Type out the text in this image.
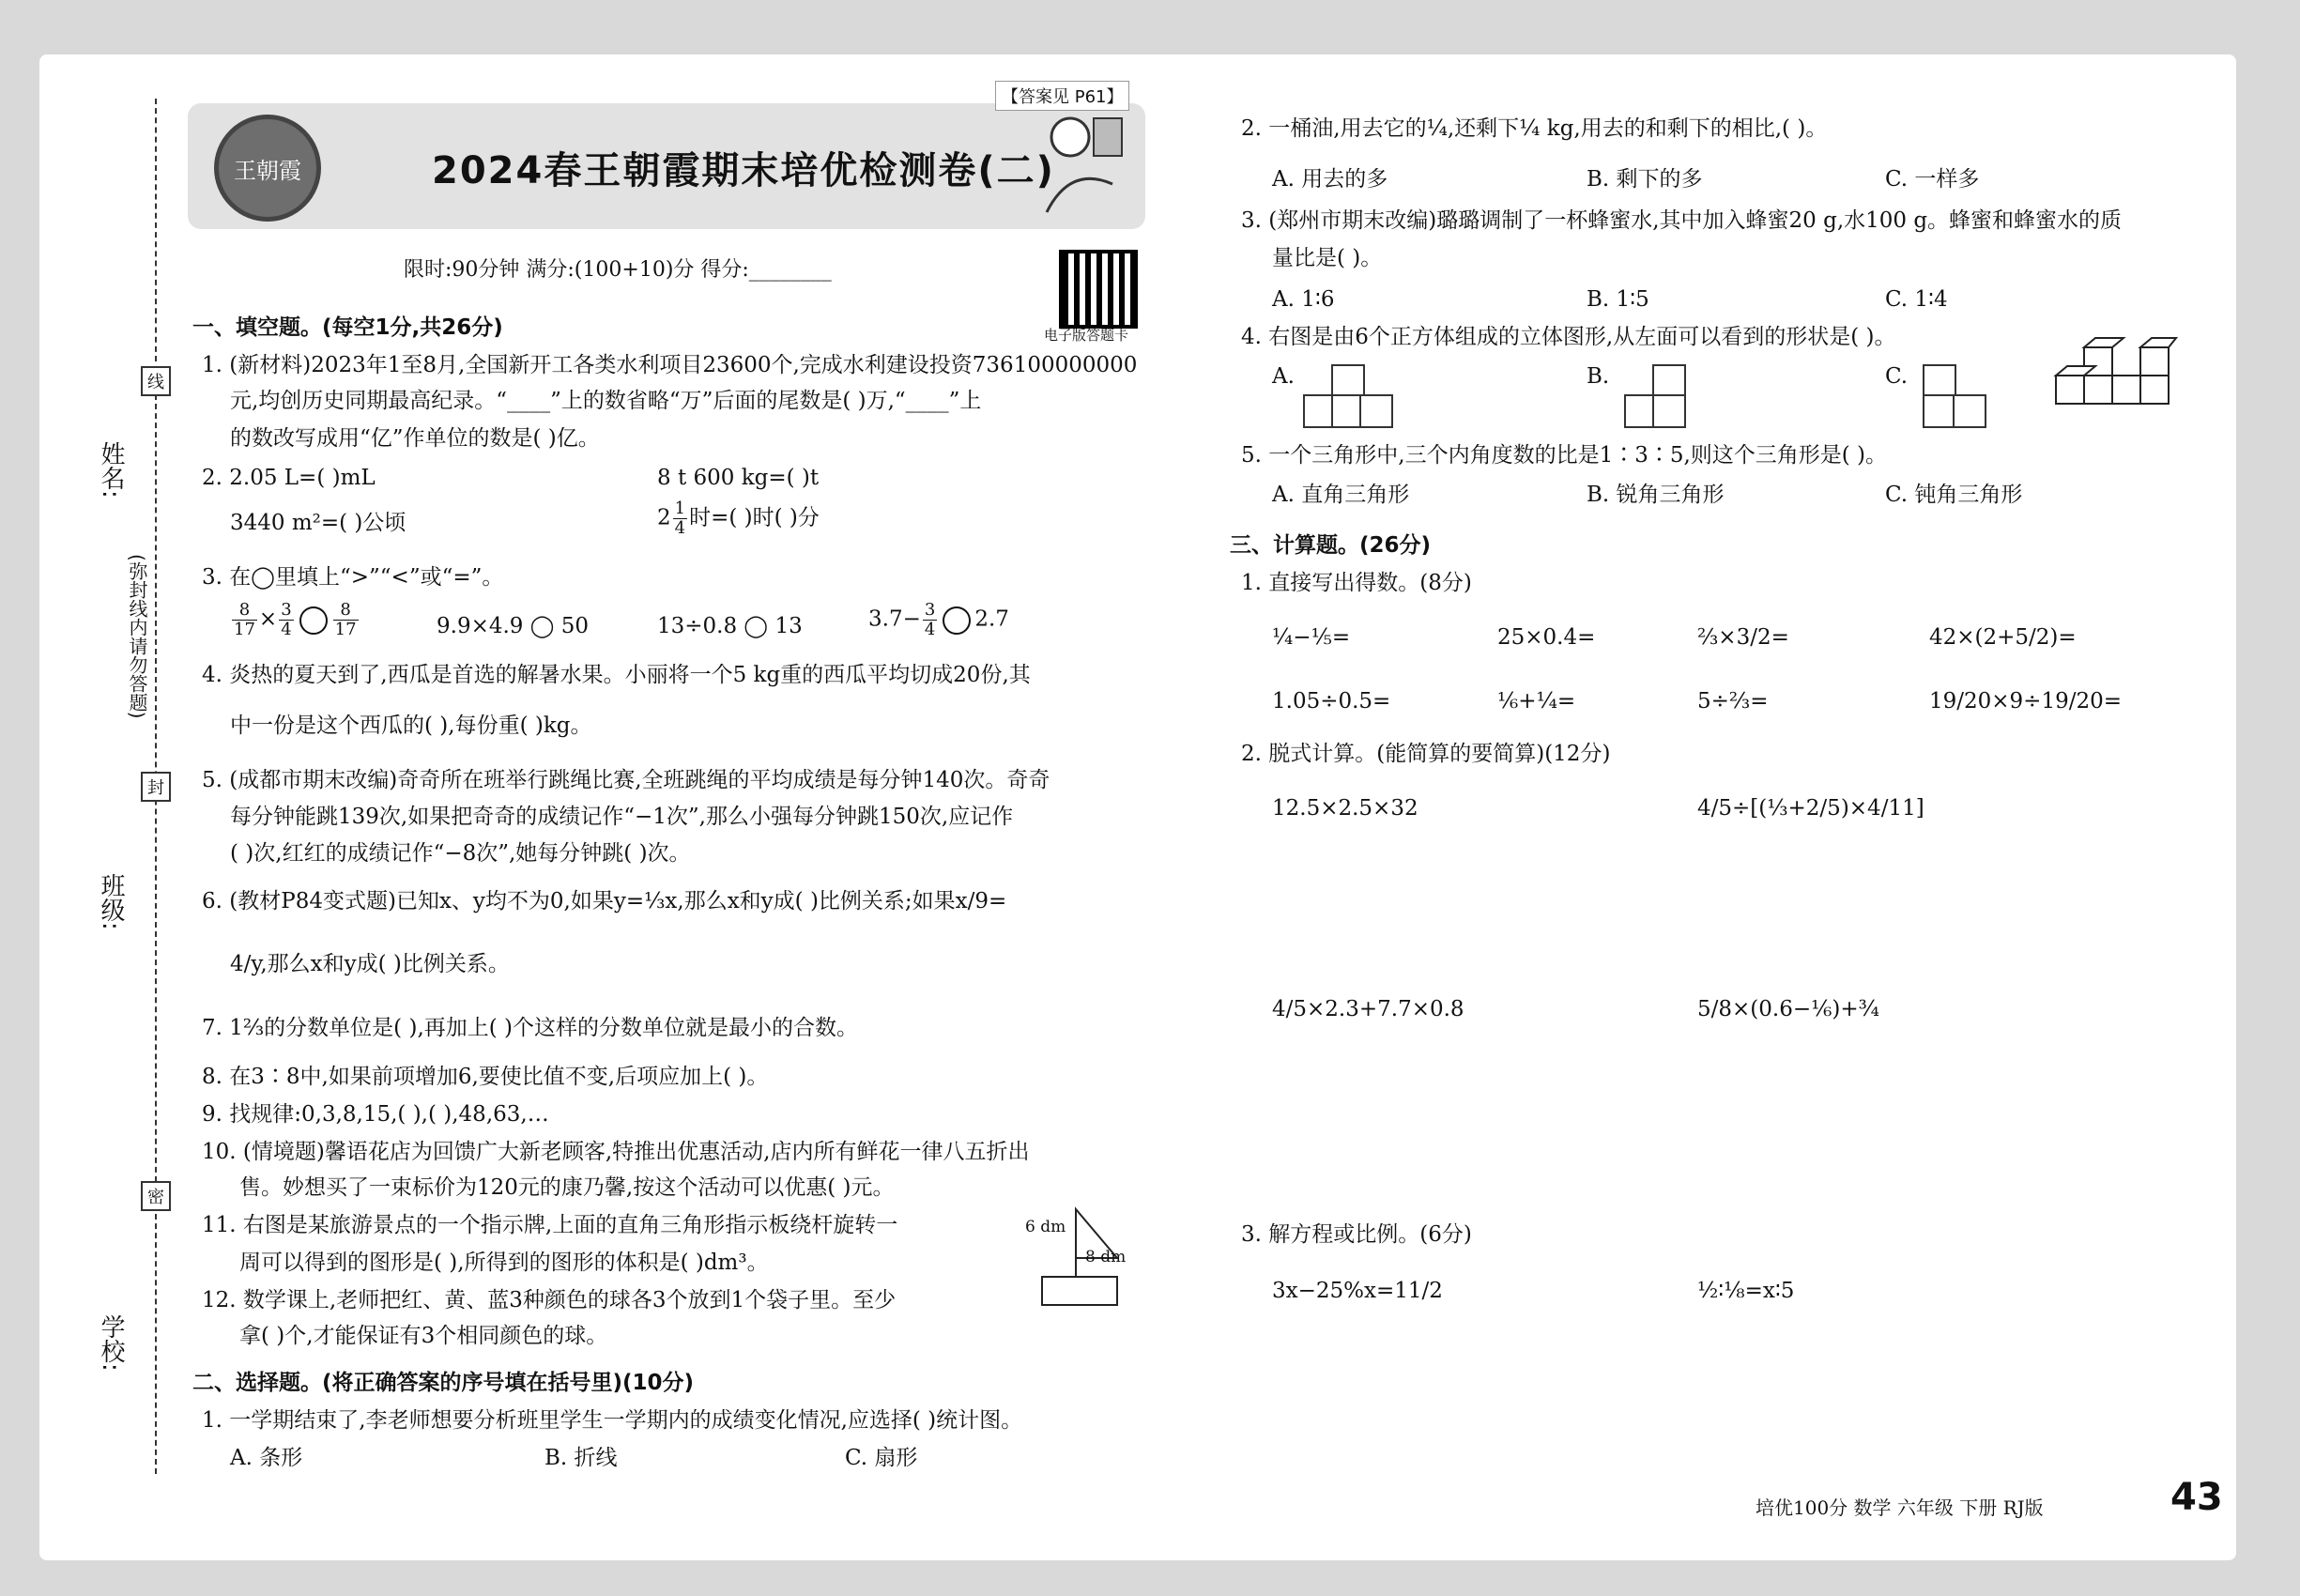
姓名:
班级:
学校:
(弥封线内请勿答题)
线
封
密
王朝霞	2024春王朝霞期末培优检测卷(二)
【答案见 P61】
限时:90分钟 满分:(100+10)分 得分:________
电子版答题卡
一、填空题。(每空1分,共26分)
1. (新材料)2023年1至8月,全国新开工各类水利项目23600个,完成水利建设投资736100000000
元,均创历史同期最高纪录。“____”上的数省略“万”后面的尾数是( )万,“____”上
的数改写成用“亿”作单位的数是( )亿。
2. 2.05 L=( )mL	8 t 600 kg=( )t
3440 m²=( )公顷	$2 \frac{1}{4}$ 时=( )时( )分
3. 在◯里填上“>”“<”或“=”。
$\frac{8}{17} \times \frac{3}{4} \frac{8}{17}$	9.9×4.9 ◯ 50	13÷0.8 ◯ 13	$3.7- \frac{3}{4} 2.7$
4. 炎热的夏天到了,西瓜是首选的解暑水果。小丽将一个5 kg重的西瓜平均切成20份,其
中一份是这个西瓜的( ),每份重( )kg。
5. (成都市期末改编)奇奇所在班举行跳绳比赛,全班跳绳的平均成绩是每分钟140次。奇奇
每分钟能跳139次,如果把奇奇的成绩记作“−1次”,那么小强每分钟跳150次,应记作
( )次,红红的成绩记作“−8次”,她每分钟跳( )次。
6. (教材P84变式题)已知x、y均不为0,如果y=⅓x,那么x和y成( )比例关系;如果x/9=
4/y,那么x和y成( )比例关系。
7. 1⅔的分数单位是( ),再加上( )个这样的分数单位就是最小的合数。
8. 在3∶8中,如果前项增加6,要使比值不变,后项应加上( )。
9. 找规律:0,3,8,15,( ),( ),48,63,…
10. (情境题)馨语花店为回馈广大新老顾客,特推出优惠活动,店内所有鲜花一律八五折出
售。妙想买了一束标价为120元的康乃馨,按这个活动可以优惠( )元。
11. 右图是某旅游景点的一个指示牌,上面的直角三角形指示板绕杆旋转一
周可以得到的图形是( ),所得到的图形的体积是( )dm³。
6 dm
8 dm
12. 数学课上,老师把红、黄、蓝3种颜色的球各3个放到1个袋子里。至少
拿( )个,才能保证有3个相同颜色的球。
二、选择题。(将正确答案的序号填在括号里)(10分)
1. 一学期结束了,李老师想要分析班里学生一学期内的成绩变化情况,应选择( )统计图。
A. 条形	B. 折线	C. 扇形
2. 一桶油,用去它的¼,还剩下¼ kg,用去的和剩下的相比,( )。
A. 用去的多	B. 剩下的多	C. 一样多
3. (郑州市期末改编)璐璐调制了一杯蜂蜜水,其中加入蜂蜜20 g,水100 g。蜂蜜和蜂蜜水的质
量比是( )。
A. 1∶6	B. 1∶5	C. 1∶4
4. 右图是由6个正方体组成的立体图形,从左面可以看到的形状是( )。
A.	B.	C.
5. 一个三角形中,三个内角度数的比是1∶3∶5,则这个三角形是( )。
A. 直角三角形	B. 锐角三角形	C. 钝角三角形
三、计算题。(26分)
1. 直接写出得数。(8分)
¼−⅕=	25×0.4=	⅔×3/2=	42×(2+5/2)=
1.05÷0.5=	⅙+¼=	5÷⅔=	19/20×9÷19/20=
2. 脱式计算。(能简算的要简算)(12分)
12.5×2.5×32	4/5÷[(⅓+2/5)×4/11]
4/5×2.3+7.7×0.8	5/8×(0.6−⅙)+¾
3. 解方程或比例。(6分)
3x−25%x=11/2	½∶⅛=x∶5
培优100分 数学 六年级 下册 RJ版	43
